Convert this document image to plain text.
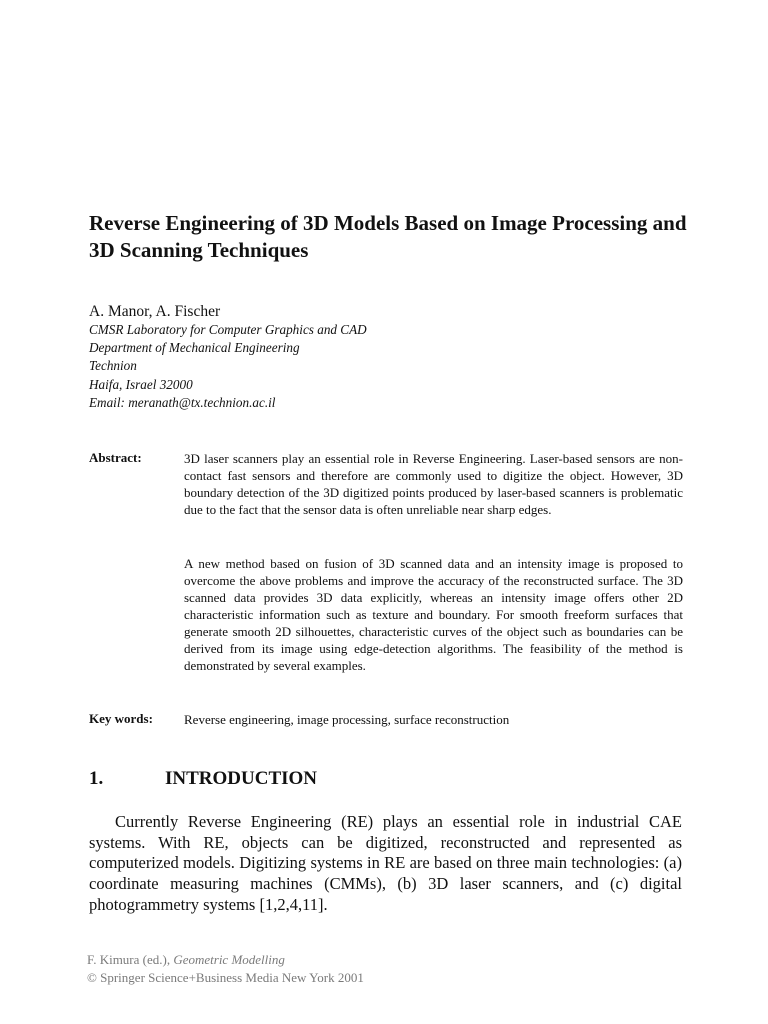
Reverse Engineering of 3D Models Based on Image Processing and 3D Scanning Techniques
A. Manor, A. Fischer
CMSR Laboratory for Computer Graphics and CAD
Department of Mechanical Engineering
Technion
Haifa, Israel 32000
Email: meranath@tx.technion.ac.il
Abstract:	3D laser scanners play an essential role in Reverse Engineering. Laser-based sensors are non-contact fast sensors and therefore are commonly used to digitize the object. However, 3D boundary detection of the 3D digitized points produced by laser-based scanners is problematic due to the fact that the sensor data is often unreliable near sharp edges.

A new method based on fusion of 3D scanned data and an intensity image is proposed to overcome the above problems and improve the accuracy of the reconstructed surface. The 3D scanned data provides 3D data explicitly, whereas an intensity image offers other 2D characteristic information such as texture and boundary. For smooth freeform surfaces that generate smooth 2D silhouettes, characteristic curves of the object such as boundaries can be derived from its image using edge-detection algorithms. The feasibility of the method is demonstrated by several examples.

Key words: Reverse engineering, image processing, surface reconstruction
1.	INTRODUCTION

Currently Reverse Engineering (RE) plays an essential role in industrial CAE systems. With RE, objects can be digitized, reconstructed and represented as computerized models. Digitizing systems in RE are based on three main technologies: (a) coordinate measuring machines (CMMs), (b) 3D laser scanners, and (c) digital photogrammetry systems [1,2,4,11].

F. Kimura (ed.), Geometric Modelling
© Springer Science+Business Media New York 2001
